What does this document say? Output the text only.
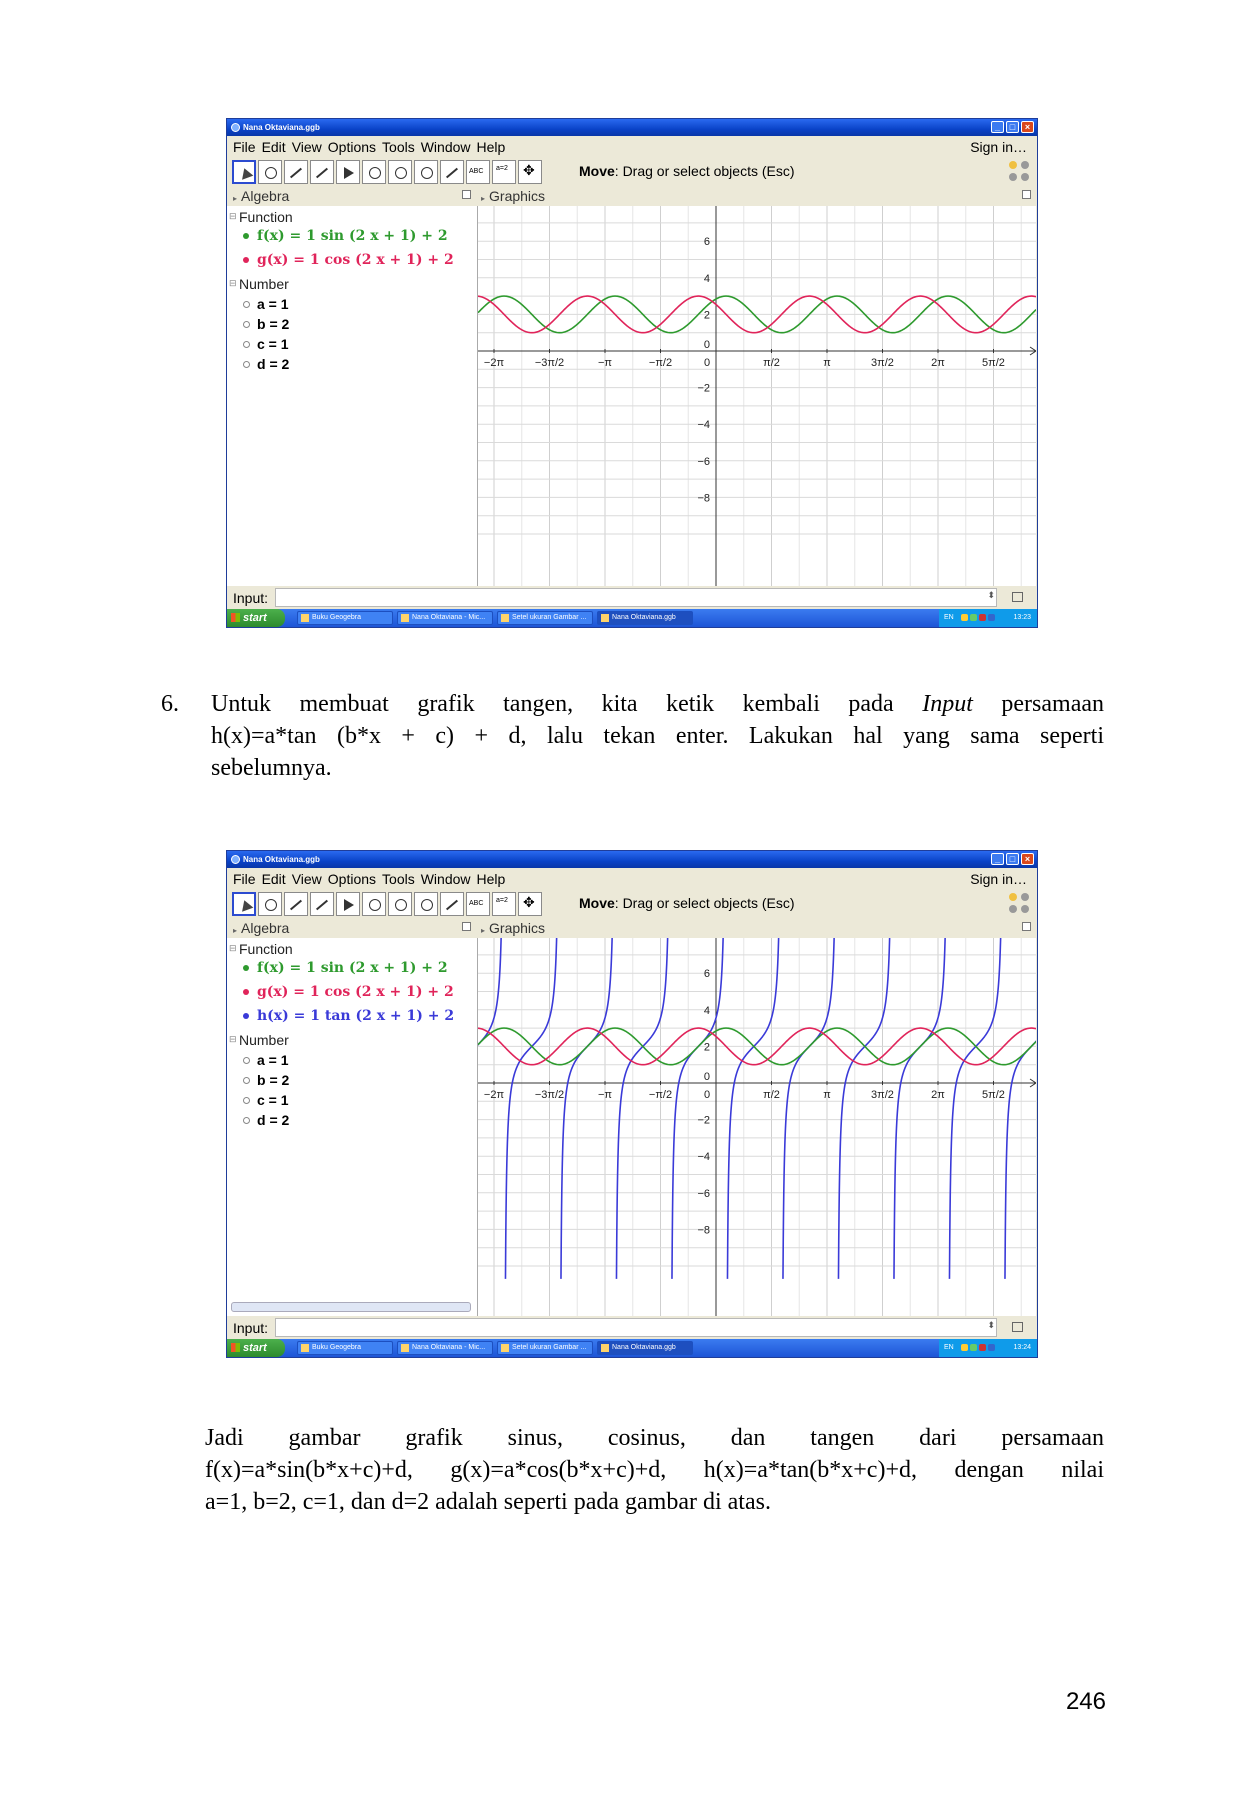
Nana Oktaviana.ggb	_	□	×
File Edit View Options Tools Window Help	Sign in…
ABC
a=2
✥
Move: Drag or select objects (Esc)
▸ Algebra	▸ Graphics
⊟ Function
f(x) = 1 sin (2 x + 1) + 2
g(x) = 1 cos (2 x + 1) + 2
⊟ Number
a = 1
b = 2
c = 1
d = 2	−2π	−3π/2	−π	−π/2	0	π/2	π	3π/2	2π	5π/2
6
4
2
−2
−4
−6
−8
0
Input:	⬍
start	Buku Geogebra	Nana Oktaviana - Mic...	Setel ukuran Gambar ...	Nana Oktaviana.ggb	EN	13:23
6. Untuk membuat grafik tangen, kita ketik kembali pada Input persamaan
h(x)=a*tan (b*x + c) + d, lalu tekan enter. Lakukan hal yang sama seperti
sebelumnya.
Nana Oktaviana.ggb	_	□	×
File Edit View Options Tools Window Help	Sign in…
ABC
a=2
✥
Move: Drag or select objects (Esc)
▸ Algebra	▸ Graphics
⊟ Function
f(x) = 1 sin (2 x + 1) + 2
g(x) = 1 cos (2 x + 1) + 2
h(x) = 1 tan (2 x + 1) + 2
⊟ Number
a = 1
b = 2
c = 1
d = 2
−2π	−3π/2	−π	−π/2	0	π/2	π	3π/2	2π	5π/2
6
4
2
−2
−4
−6
−8
0
Input:	⬍
start	Buku Geogebra	Nana Oktaviana - Mic...	Setel ukuran Gambar ...	Nana Oktaviana.ggb	EN	13:24
Jadi gambar grafik sinus, cosinus, dan tangen dari persamaan
f(x)=a*sin(b*x+c)+d, g(x)=a*cos(b*x+c)+d, h(x)=a*tan(b*x+c)+d, dengan nilai
a=1, b=2, c=1, dan d=2 adalah seperti pada gambar di atas.
246
